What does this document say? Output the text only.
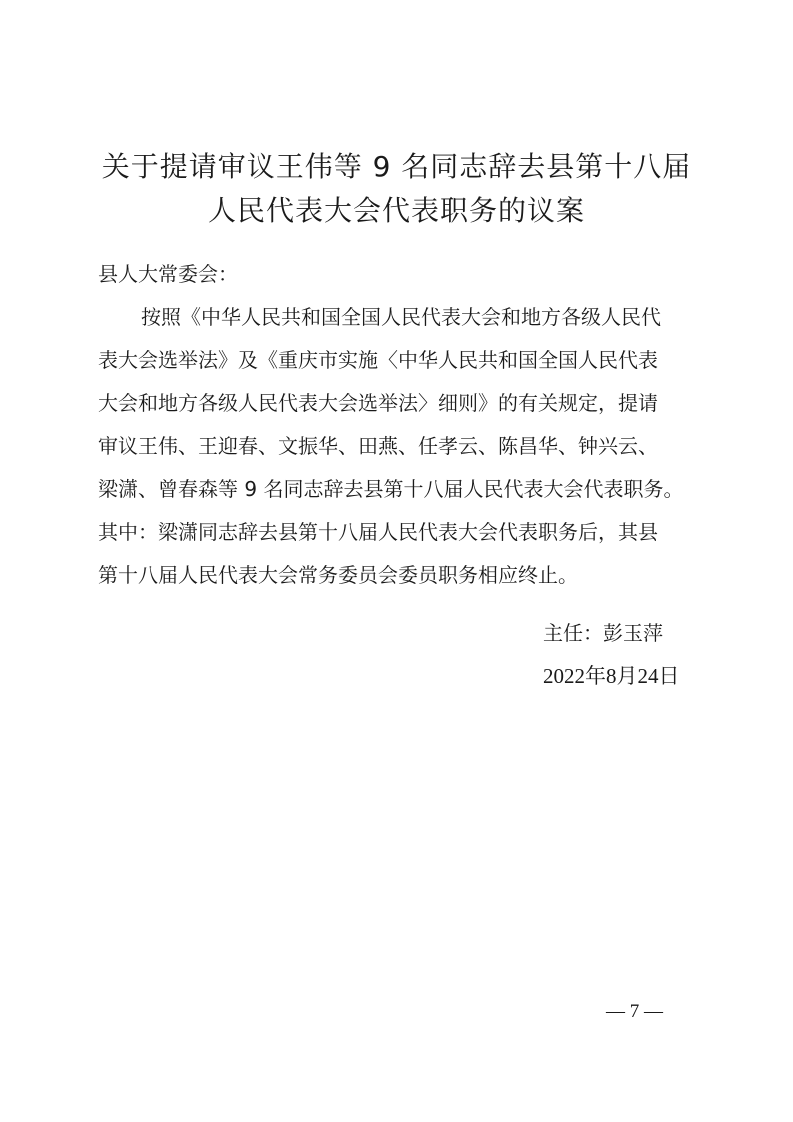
关于提请审议王伟等 9 名同志辞去县第十八届
人民代表大会代表职务的议案

县人大常委会：

按照《中华人民共和国全国人民代表大会和地方各级人民代

表大会选举法》及《重庆市实施〈中华人民共和国全国人民代表

大会和地方各级人民代表大会选举法〉细则》的有关规定，提请

审议王伟、王迎春、文振华、田燕、任孝云、陈昌华、钟兴云、

梁潇、曾春森等 9 名同志辞去县第十八届人民代表大会代表职务。

其中：梁潇同志辞去县第十八届人民代表大会代表职务后，其县

第十八届人民代表大会常务委员会委员职务相应终止。

主任：彭玉萍

2022年8月24日

— 7 —
